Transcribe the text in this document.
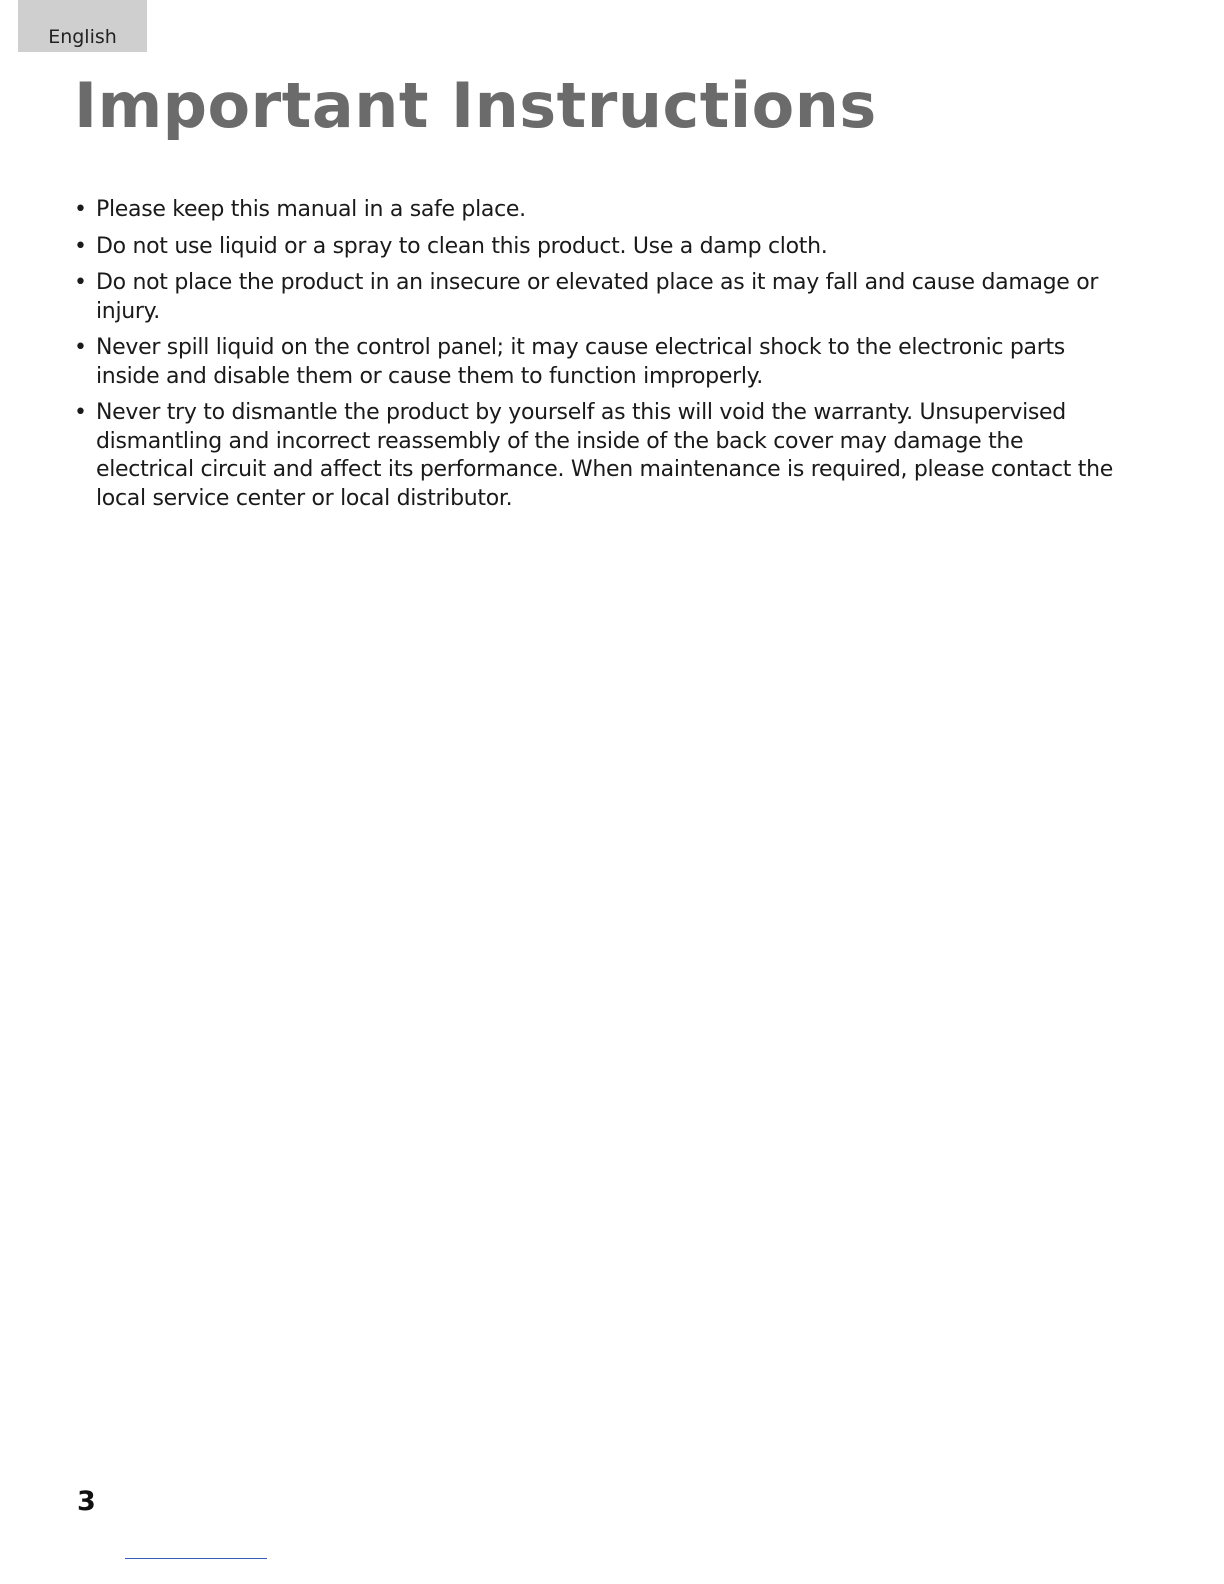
English
Important Instructions
• Please keep this manual in a safe place.
• Do not use liquid or a spray to clean this product. Use a damp cloth.
• Do not place the product in an insecure or elevated place as it may fall and cause damage or injury.
• Never spill liquid on the control panel; it may cause electrical shock to the electronic parts inside and disable them or cause them to function improperly.
• Never try to dismantle the product by yourself as this will void the warranty. Unsupervised dismantling and incorrect reassembly of the inside of the back cover may damage the electrical circuit and affect its performance. When maintenance is required, please contact the local service center or local distributor.
3
